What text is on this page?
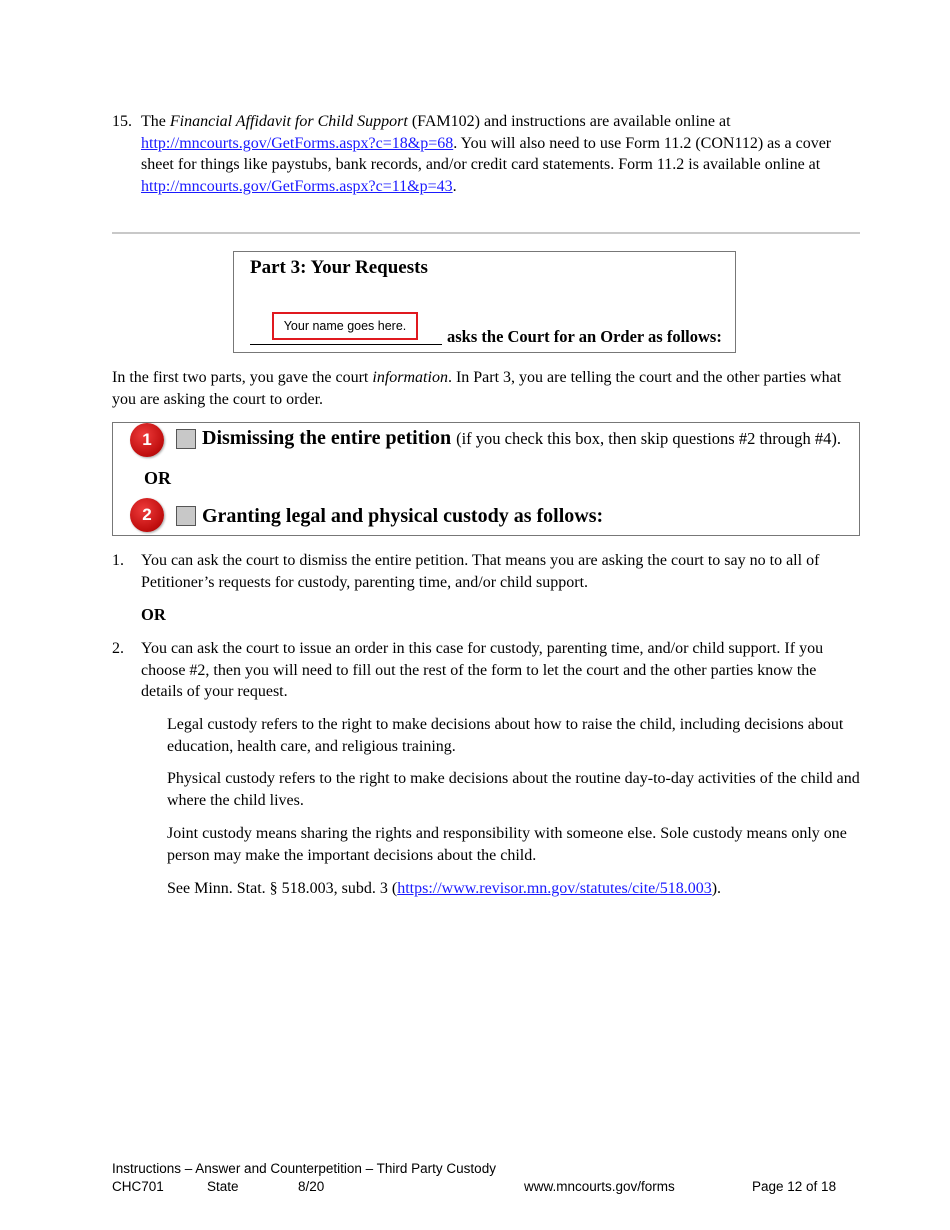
15. The Financial Affidavit for Child Support (FAM102) and instructions are available online at http://mncourts.gov/GetForms.aspx?c=18&p=68. You will also need to use Form 11.2 (CON112) as a cover sheet for things like paystubs, bank records, and/or credit card statements. Form 11.2 is available online at http://mncourts.gov/GetForms.aspx?c=11&p=43.
Part 3: Your Requests
Your name goes here.
asks the Court for an Order as follows:
In the first two parts, you gave the court information. In Part 3, you are telling the court and the other parties what you are asking the court to order.
1	Dismissing the entire petition (if you check this box, then skip questions #2 through #4).
OR
2	Granting legal and physical custody as follows:
1. You can ask the court to dismiss the entire petition. That means you are asking the court to say no to all of Petitioner’s requests for custody, parenting time, and/or child support.
OR
2. You can ask the court to issue an order in this case for custody, parenting time, and/or child support. If you choose #2, then you will need to fill out the rest of the form to let the court and the other parties know the details of your request.
Legal custody refers to the right to make decisions about how to raise the child, including decisions about education, health care, and religious training.
Physical custody refers to the right to make decisions about the routine day-to-day activities of the child and where the child lives.
Joint custody means sharing the rights and responsibility with someone else. Sole custody means only one person may make the important decisions about the child.
See Minn. Stat. § 518.003, subd. 3 (https://www.revisor.mn.gov/statutes/cite/518.003).
Instructions – Answer and Counterpetition – Third Party Custody
CHC701	State	8/20	www.mncourts.gov/forms	Page 12 of 18
